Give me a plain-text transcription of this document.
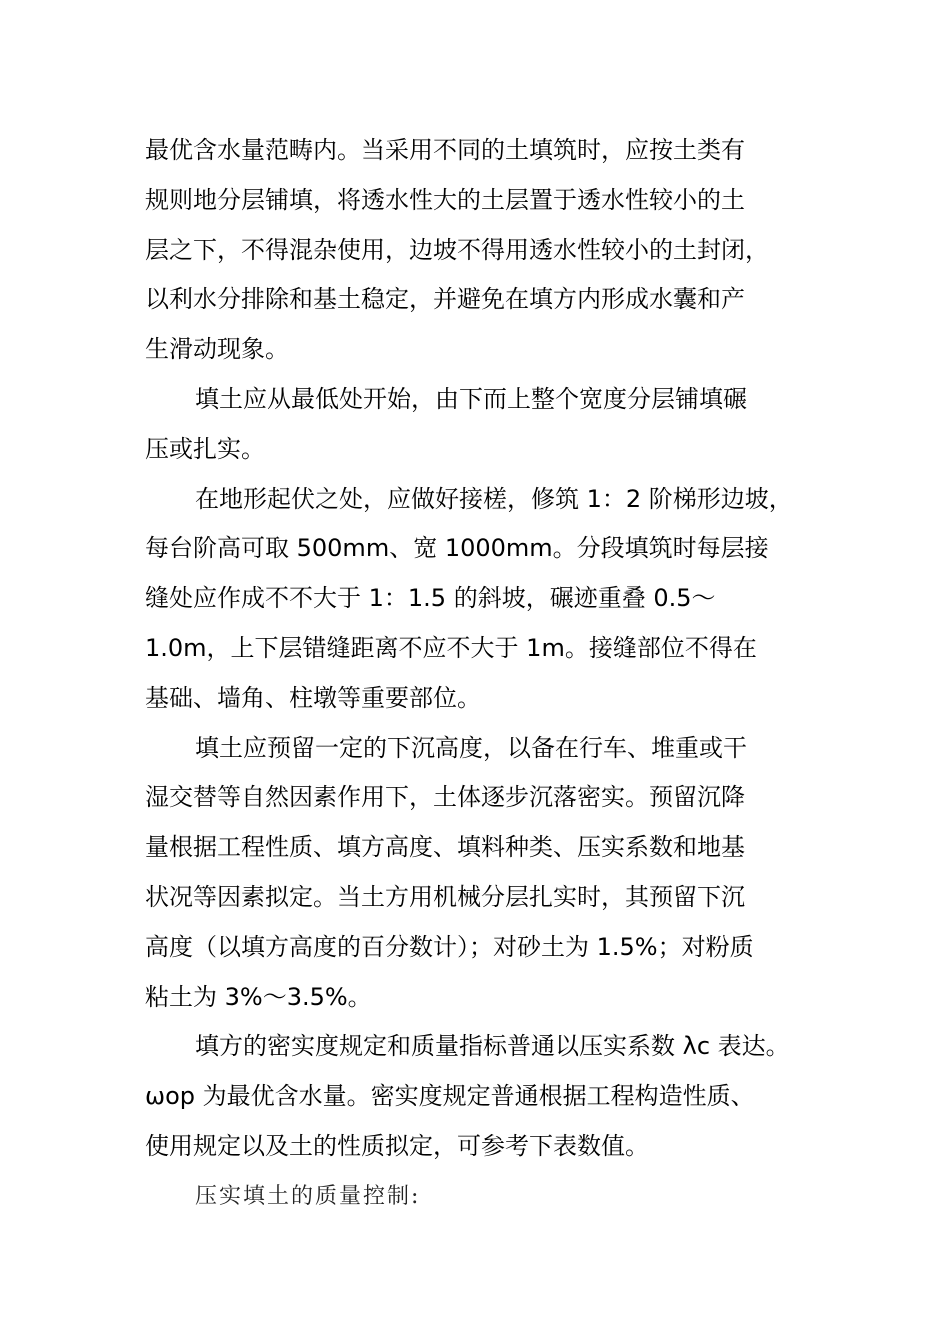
最优含水量范畴内。当采用不同的土填筑时，应按土类有
规则地分层铺填，将透水性大的土层置于透水性较小的土
层之下，不得混杂使用，边坡不得用透水性较小的土封闭，
以利水分排除和基土稳定，并避免在填方内形成水囊和产
生滑动现象。
填土应从最低处开始，由下而上整个宽度分层铺填碾
压或扎实。
在地形起伏之处，应做好接槎，修筑 1：2 阶梯形边坡，
每台阶高可取 500mm、宽 1000mm。分段填筑时每层接
缝处应作成不不大于 1：1.5 的斜坡，碾迹重叠 0.5～
1.0m，上下层错缝距离不应不大于 1m。接缝部位不得在
基础、墙角、柱墩等重要部位。
填土应预留一定的下沉高度，以备在行车、堆重或干
湿交替等自然因素作用下，土体逐步沉落密实。预留沉降
量根据工程性质、填方高度、填料种类、压实系数和地基
状况等因素拟定。当土方用机械分层扎实时，其预留下沉
高度（以填方高度的百分数计）；对砂土为 1.5%；对粉质
粘土为 3%～3.5%。
填方的密实度规定和质量指标普通以压实系数 λc 表达。
ωop 为最优含水量。密实度规定普通根据工程构造性质、
使用规定以及土的性质拟定，可参考下表数值。
压实填土的质量控制:
